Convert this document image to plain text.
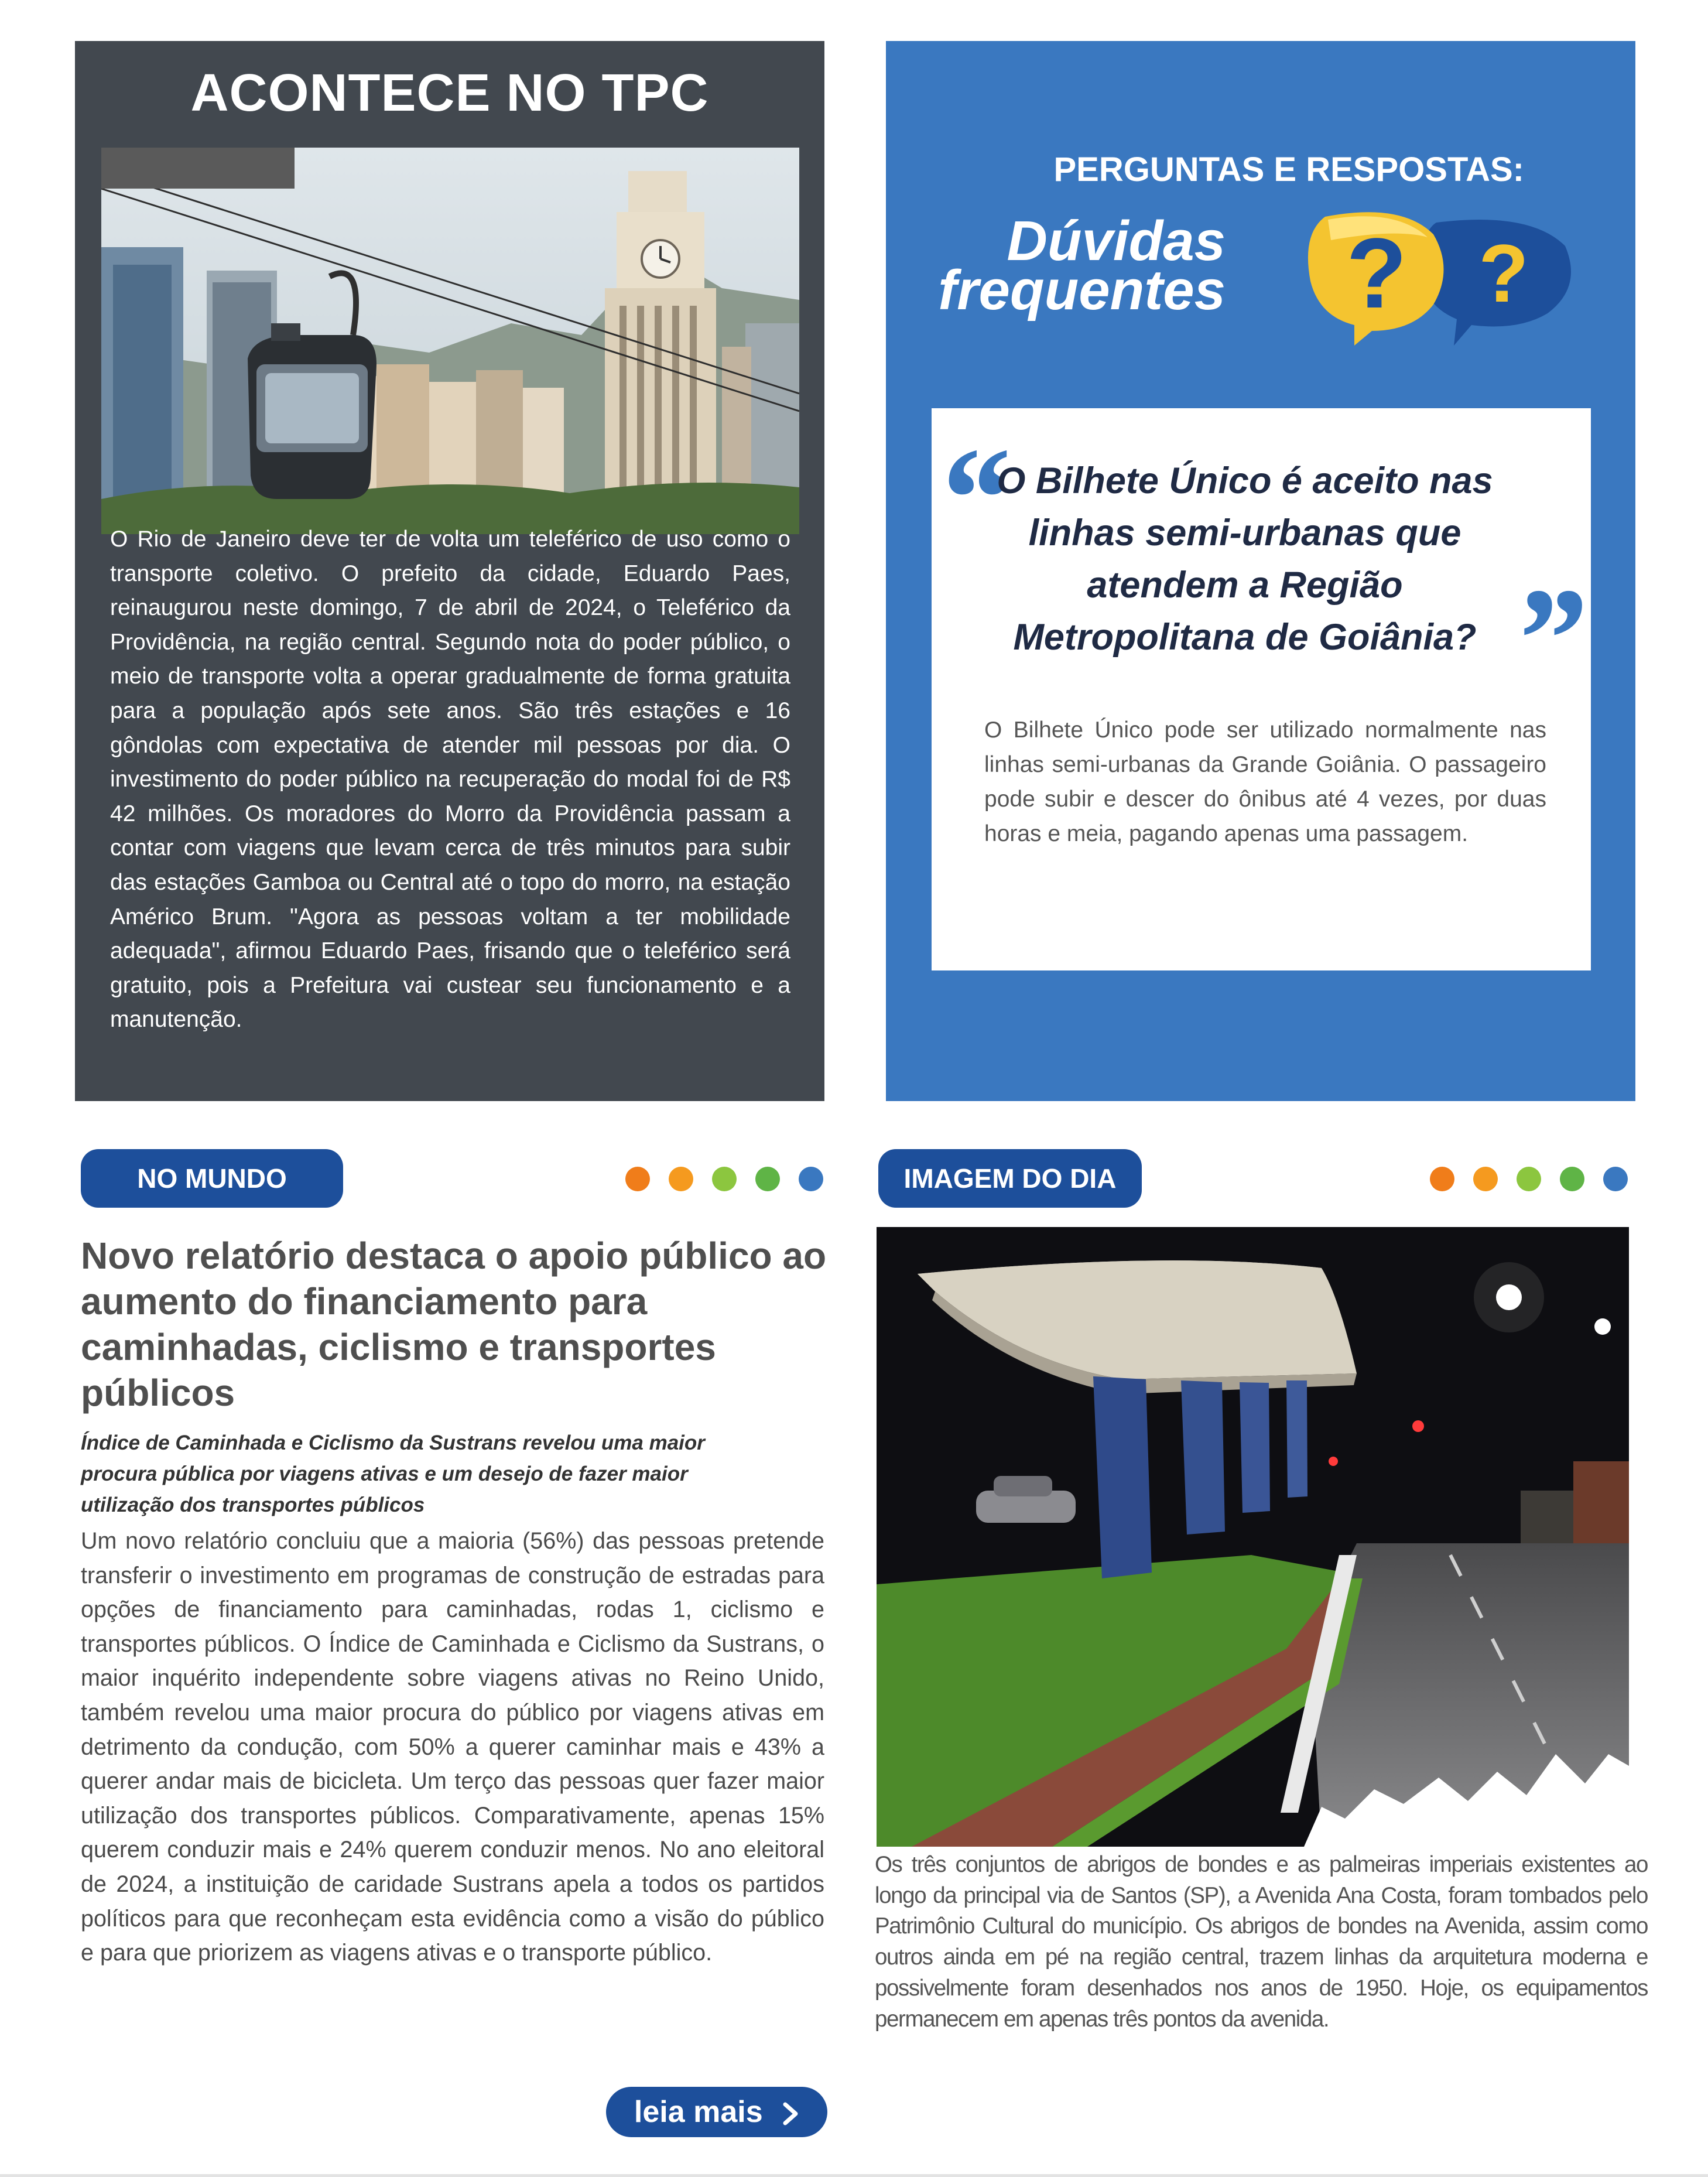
ACONTECE NO TPC
O Rio de Janeiro deve ter de volta um teleférico de uso como o transporte coletivo. O prefeito da cidade, Eduardo Paes, reinaugurou neste domingo, 7 de abril de 2024, o Teleférico da Providência, na região central. Segundo nota do poder público, o meio de transporte volta a operar gradualmente de forma gratuita para a população após sete anos. São três estações e 16 gôndolas com expectativa de atender mil pessoas por dia. O investimento do poder público na recuperação do modal foi de R$ 42 milhões. Os moradores do Morro da Providência passam a contar com viagens que levam cerca de três minutos para subir das estações Gamboa ou Central até o topo do morro, na estação Américo Brum. "Agora as pessoas voltam a ter mobilidade adequada", afirmou Eduardo Paes, frisando que o teleférico será gratuito, pois a Prefeitura vai custear seu funcionamento e a manutenção.
PERGUNTAS E RESPOSTAS:
Dúvidas
frequentes	? ?
“
O Bilhete Único é aceito nas linhas semi-urbanas que atendem a Região Metropolitana de Goiânia? ”
O Bilhete Único pode ser utilizado normalmente nas linhas semi-urbanas da Grande Goiânia. O passageiro pode subir e descer do ônibus até 4 vezes, por duas horas e meia, pagando apenas uma passagem.
NO MUNDO	IMAGEM DO DIA
Novo relatório destaca o apoio público ao aumento do financiamento para caminhadas, ciclismo e transportes públicos
Índice de Caminhada e Ciclismo da Sustrans revelou uma maior procura pública por viagens ativas e um desejo de fazer maior utilização dos transportes públicos
Um novo relatório concluiu que a maioria (56%) das pessoas pretende transferir o investimento em programas de construção de estradas para opções de financiamento para caminhadas, rodas 1, ciclismo e transportes públicos. O Índice de Caminhada e Ciclismo da Sustrans, o maior inquérito independente sobre viagens ativas no Reino Unido, também revelou uma maior procura do público por viagens ativas em detrimento da condução, com 50% a querer caminhar mais e 43% a querer andar mais de bicicleta. Um terço das pessoas quer fazer maior utilização dos transportes públicos. Comparativamente, apenas 15% querem conduzir mais e 24% querem conduzir menos. No ano eleitoral de 2024, a instituição de caridade Sustrans apela a todos os partidos políticos para que reconheçam esta evidência como a visão do público e para que priorizem as viagens ativas e o transporte público.
leia mais
Os três conjuntos de abrigos de bondes e as palmeiras imperiais existentes ao longo da principal via de Santos (SP), a Avenida Ana Costa, foram tombados pelo Patrimônio Cultural do município. Os abrigos de bondes na Avenida, assim como outros ainda em pé na região central, trazem linhas da arquitetura moderna e possivelmente foram desenhados nos anos de 1950. Hoje, os equipamentos permanecem em apenas três pontos da avenida.
